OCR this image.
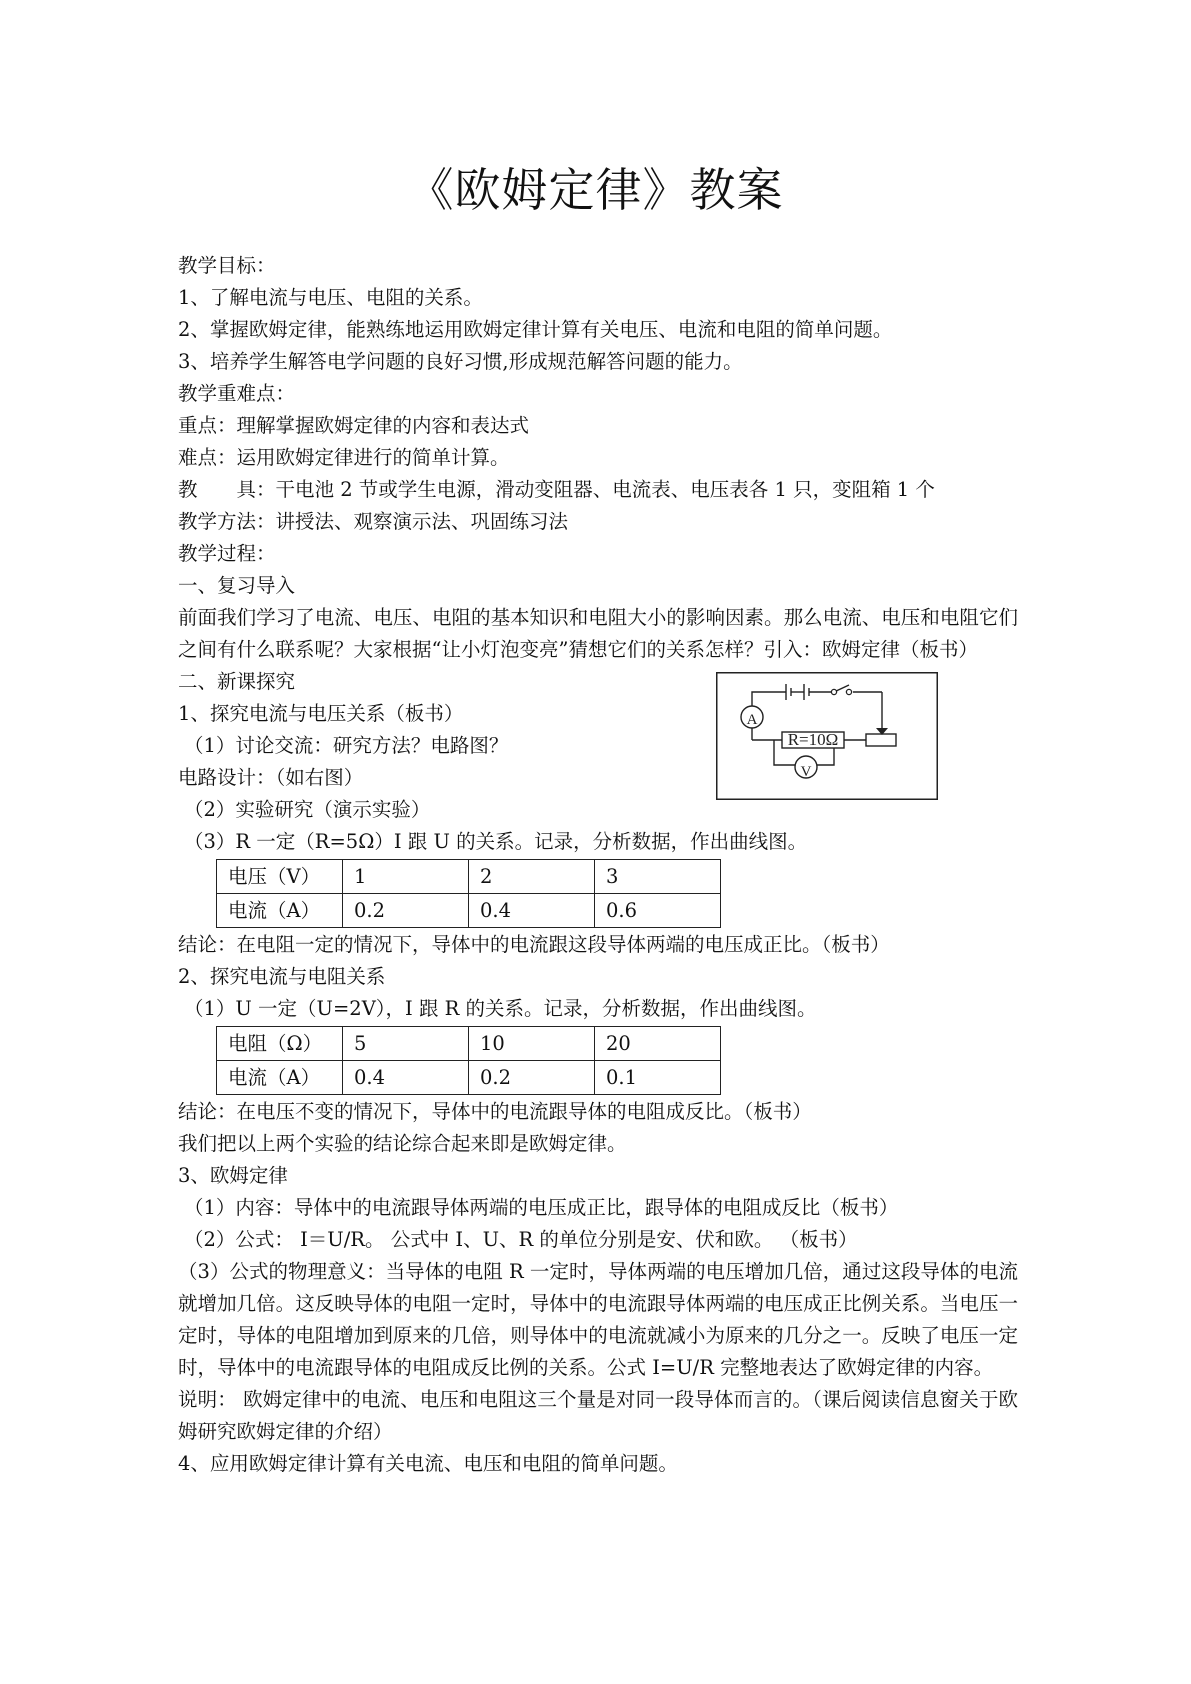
《欧姆定律》教案
教学目标：
1、了解电流与电压、电阻的关系。
2、掌握欧姆定律，能熟练地运用欧姆定律计算有关电压、电流和电阻的简单问题。
3、培养学生解答电学问题的良好习惯,形成规范解答问题的能力。
教学重难点：
重点：理解掌握欧姆定律的内容和表达式
难点：运用欧姆定律进行的简单计算。
教　　具：干电池 2 节或学生电源，滑动变阻器、电流表、电压表各 1 只，变阻箱 1 个
教学方法：讲授法、观察演示法、巩固练习法
教学过程：
一、复习导入
前面我们学习了电流、电压、电阻的基本知识和电阻大小的影响因素。那么电流、电压和电阻它们之间有什么联系呢？大家根据“让小灯泡变亮”猜想它们的关系怎样？引入：欧姆定律（板书）
二、新课探究
1、探究电流与电压关系（板书）
（1）讨论交流：研究方法？电路图？
电路设计：（如右图）
（2）实验研究（演示实验）
（3）R 一定（R=5Ω）I 跟 U 的关系。记录，分析数据，作出曲线图。
电压（V）	1	2	3
电流（A）	0.2	0.4	0.6
结论：在电阻一定的情况下，导体中的电流跟这段导体两端的电压成正比。（板书）
2、探究电流与电阻关系
（1）U 一定（U=2V），I 跟 R 的关系。记录，分析数据，作出曲线图。
电阻（Ω）	5	10	20
电流（A）	0.4	0.2	0.1
结论：在电压不变的情况下，导体中的电流跟导体的电阻成反比。（板书）
我们把以上两个实验的结论综合起来即是欧姆定律。
3、欧姆定律
（1）内容：导体中的电流跟导体两端的电压成正比，跟导体的电阻成反比（板书）
（2）公式： I＝U/R。 公式中 I、U、R 的单位分别是安、伏和欧。 （板书）
（3）公式的物理意义：当导体的电阻 R 一定时，导体两端的电压增加几倍，通过这段导体的电流就增加几倍。这反映导体的电阻一定时，导体中的电流跟导体两端的电压成正比例关系。当电压一定时，导体的电阻增加到原来的几倍，则导体中的电流就减小为原来的几分之一。反映了电压一定时，导体中的电流跟导体的电阻成反比例的关系。公式 I=U/R 完整地表达了欧姆定律的内容。
说明： 欧姆定律中的电流、电压和电阻这三个量是对同一段导体而言的。（课后阅读信息窗关于欧姆研究欧姆定律的介绍）
4、应用欧姆定律计算有关电流、电压和电阻的简单问题。
A
R=10Ω
V
